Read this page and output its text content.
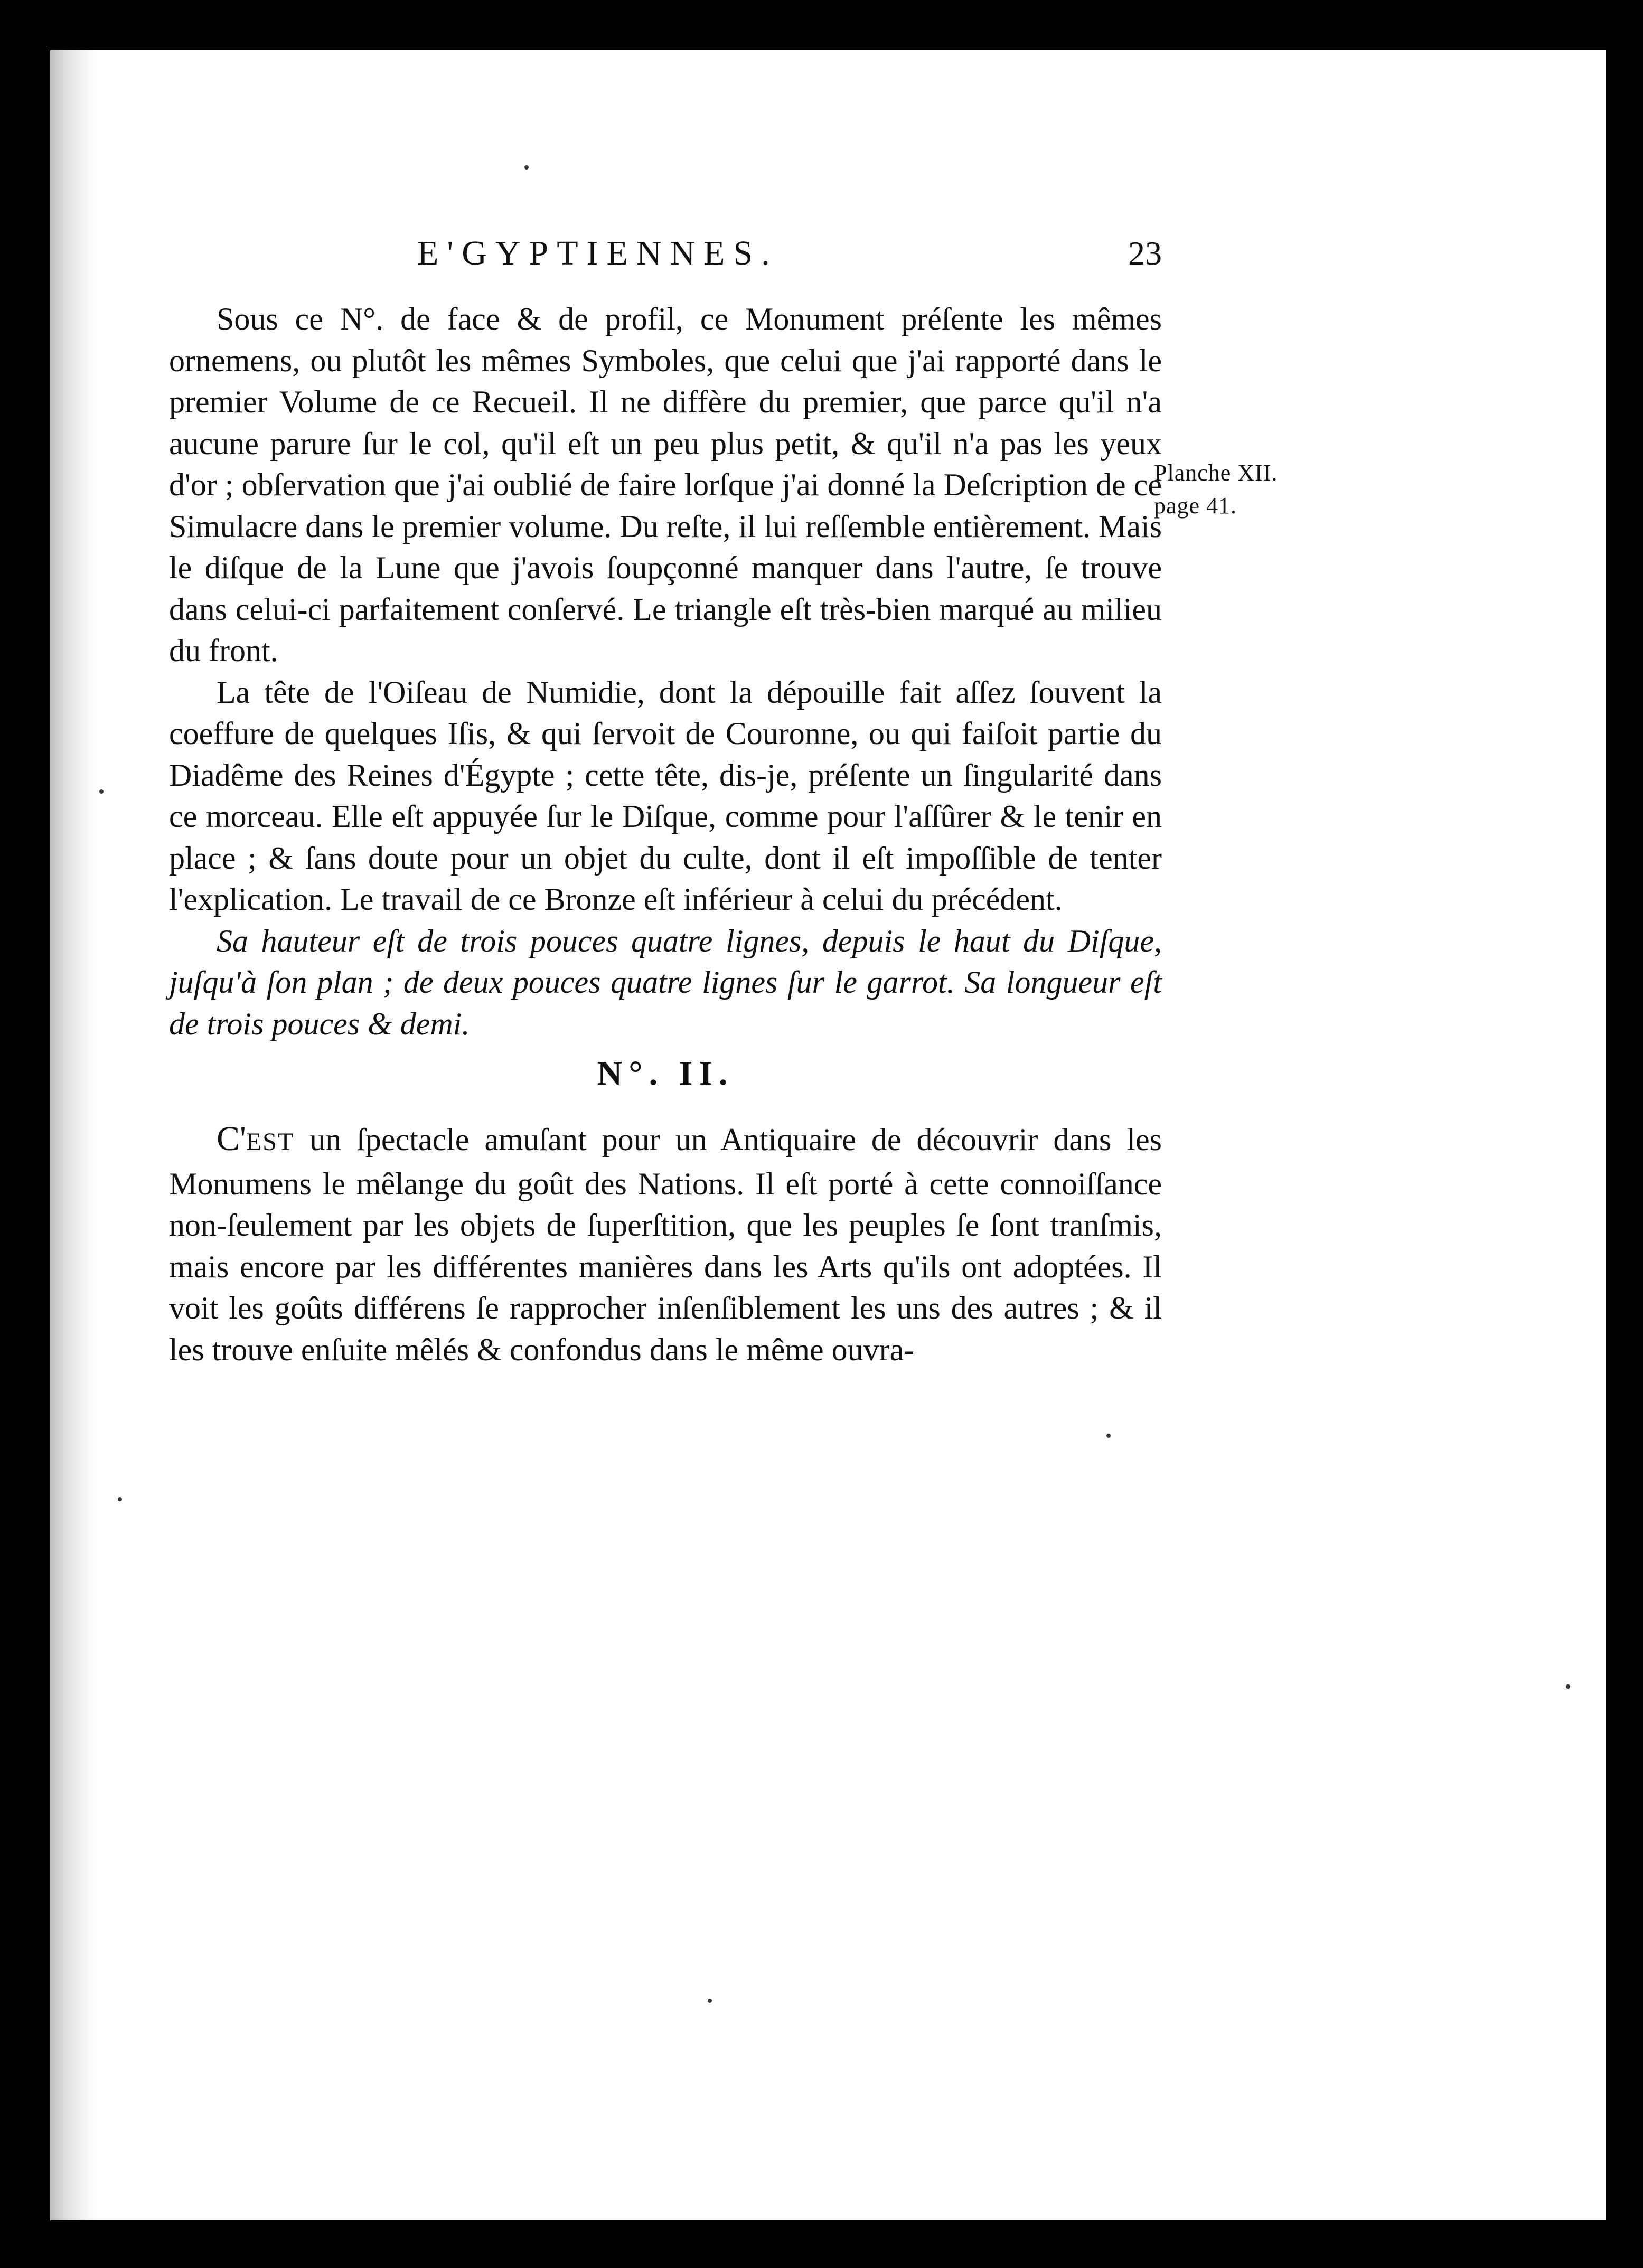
E'GYPTIENNES.	23

Sous ce N°. de face & de profil, ce Monument préſente les mêmes ornemens, ou plutôt les mêmes Symboles, que celui que j'ai rapporté dans le premier Volume de ce Recueil. Il ne diffère du premier, que parce qu'il n'a aucune parure ſur le col, qu'il eſt un peu plus petit, & qu'il n'a pas les yeux d'or ; obſervation que j'ai oublié de faire lorſque j'ai donné la Deſcription de ce Simulacre dans le premier volume. Du reſte, il lui reſſemble entièrement. Mais le diſque de la Lune que j'avois ſoupçonné manquer dans l'autre, ſe trouve dans celui-ci parfaitement conſervé. Le triangle eſt très-bien marqué au milieu du front.

La tête de l'Oiſeau de Numidie, dont la dépouille fait aſſez ſouvent la coeffure de quelques Iſis, & qui ſervoit de Couronne, ou qui faiſoit partie du Diadême des Reines d'Égypte ; cette tête, dis-je, préſente un ſingularité dans ce morceau. Elle eſt appuyée ſur le Diſque, comme pour l'aſſûrer & le tenir en place ; & ſans doute pour un objet du culte, dont il eſt impoſſible de tenter l'explication. Le travail de ce Bronze eſt inférieur à celui du précédent.

Sa hauteur eſt de trois pouces quatre lignes, depuis le haut du Diſque, juſqu'à ſon plan ; de deux pouces quatre lignes ſur le garrot. Sa longueur eſt de trois pouces & demi.

N°. II.

C'EST un ſpectacle amuſant pour un Antiquaire de découvrir dans les Monumens le mêlange du goût des Nations. Il eſt porté à cette connoiſſance non-ſeulement par les objets de ſuperſtition, que les peuples ſe ſont tranſmis, mais encore par les différentes manières dans les Arts qu'ils ont adoptées. Il voit les goûts différens ſe rapprocher inſenſiblement les uns des autres ; & il les trouve enſuite mêlés & confondus dans le même ouvra-

Planche XII.
page 41.
